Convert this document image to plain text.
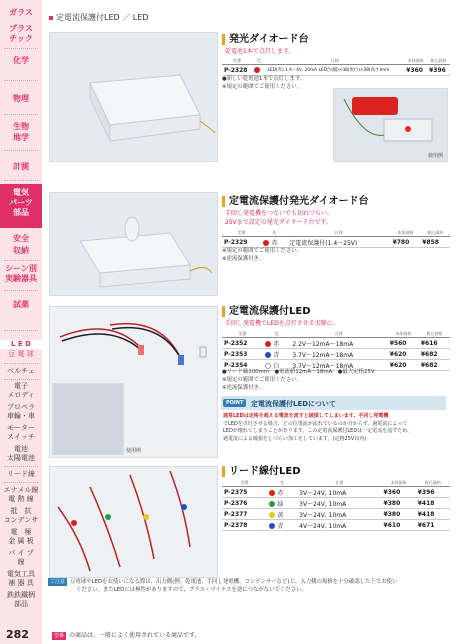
ガラス
プラス
チック
化学
物理
生物
地学
計測
電気
パーツ
部品
安全
収納
シーン別
実験器具
試薬
L E D
豆 電 球
ベルチェ
電子
メロディ
プロペラ
車輪・車
モーター
スイッチ
電池
太陽電池
リード線
エナメル線
電 熱 線
抵　抗
コンデンサ
電　極
金 属 板
パ イ プ
線
電気工具
補 器 具
鉄鉄鐵柄
部品
定電流保護付LED ／ LED
使用例
発光ダイオード台
乾電池1本で点灯します。
型番	色	仕様	本体価格	税込価格
P-2328		LED(赤) 1.4〜4V, 20mA LED台(幅)×38(奥行)×38(高さ)mm	¥360	¥396
●新しい乾電池1本で点灯します。
※規定の範囲でご使用ください。
定電流保護付発光ダイオード台
手回し発電機をつないでも切れづらい。
25Vまで設定の発光ダイオード台です。
型番	色	仕様	本体価格	税込価格
P-2329	赤	定電流保護付(1.4〜25V)	¥780	¥858
※規定の範囲でご使用ください。
※逆流保護付き。
使用例
定電流保護付LED
手回し発電機でLEDを点灯させる実験に。
型番	色	仕様	本体価格	税込価格
P-2352	赤	2.2V〜12mA〜18mA	¥560	¥616
P-2353	青	3.7V〜12mA〜18mA	¥620	¥682
P-2354	白	3.7V〜12mA〜18mA	¥620	¥682
●リード線100mm　●電流値12mA〜18mA　●最大定格25V
※規定の範囲でご使用ください。
※逆流保護付き。
POINT	定電流保護付LEDについて
通常LEDは定格を超える電流を流すと破損してしまいます。手回し発電機
でLEDを点灯させる場合、どの位電流が流れているのか分からず、過電流によって
LEDが壊れてしまうことがあります。この定電流保護付LEDは一定電流を流すため、
過電流による破損をしづらい加工をしています。(定格25V以内)
リード線付LED
型番	色	仕様	本体価格	税込価格
P-2375	赤	3V〜24V, 10mA	¥360	¥396
P-2376	緑	3V〜24V, 10mA	¥380	¥418
P-2377	黄	3V〜24V, 10mA	¥380	¥418
P-2378	青	4V〜24V, 10mA	¥610	¥671
ご注意 豆電球やLEDをお使いになる際は、出力側(例：乾電池、手回し発電機、コンデンサーなど)と、入力側の規格を十分確認した上でお使い
ください。またLEDには極性がありますので、プラス・マイナスを逆につながないでください。
282	型番 の商品は、一般によく使用されている商品です。
